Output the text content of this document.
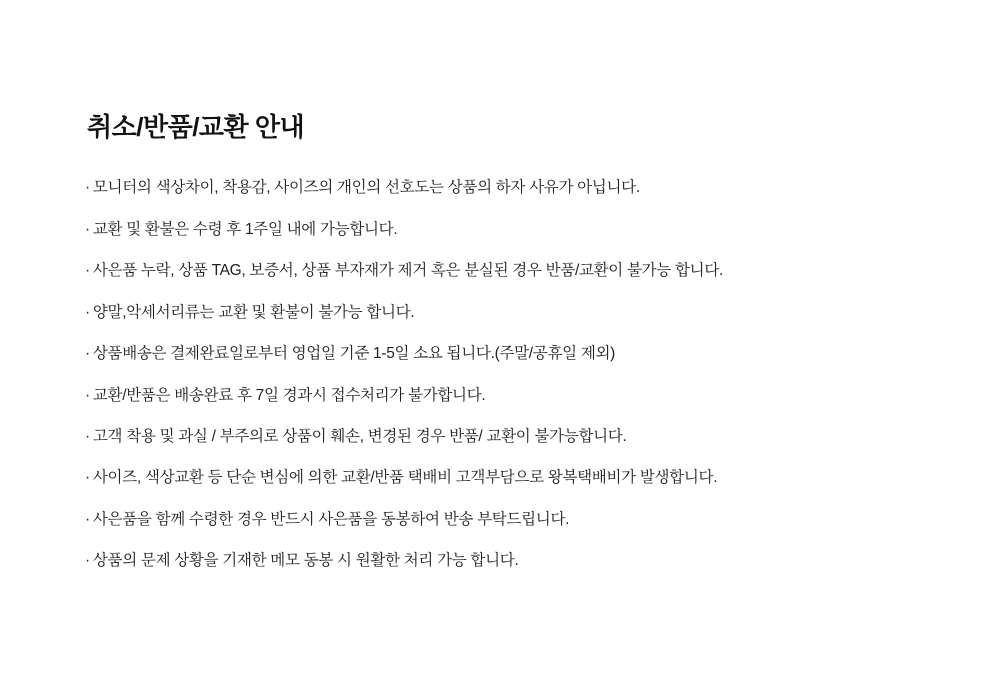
취소/반품/교환 안내
· 모니터의 색상차이, 착용감, 사이즈의 개인의 선호도는 상품의 하자 사유가 아닙니다.
· 교환 및 환불은 수령 후 1주일 내에 가능합니다.
· 사은품 누락, 상품 TAG, 보증서, 상품 부자재가 제거 혹은 분실된 경우 반품/교환이 불가능 합니다.
· 양말,악세서리류는 교환 및 환불이 불가능 합니다.
· 상품배송은 결제완료일로부터 영업일 기준 1-5일 소요 됩니다.(주말/공휴일 제외)
· 교환/반품은 배송완료 후 7일 경과시 접수처리가 불가합니다.
· 고객 착용 및 과실 / 부주의로 상품이 훼손, 변경된 경우 반품/ 교환이 불가능합니다.
· 사이즈, 색상교환 등 단순 변심에 의한 교환/반품 택배비 고객부담으로 왕복택배비가 발생합니다.
· 사은품을 함께 수령한 경우 반드시 사은품을 동봉하여 반송 부탁드립니다.
· 상품의 문제 상황을 기재한 메모 동봉 시 원활한 처리 가능 합니다.
